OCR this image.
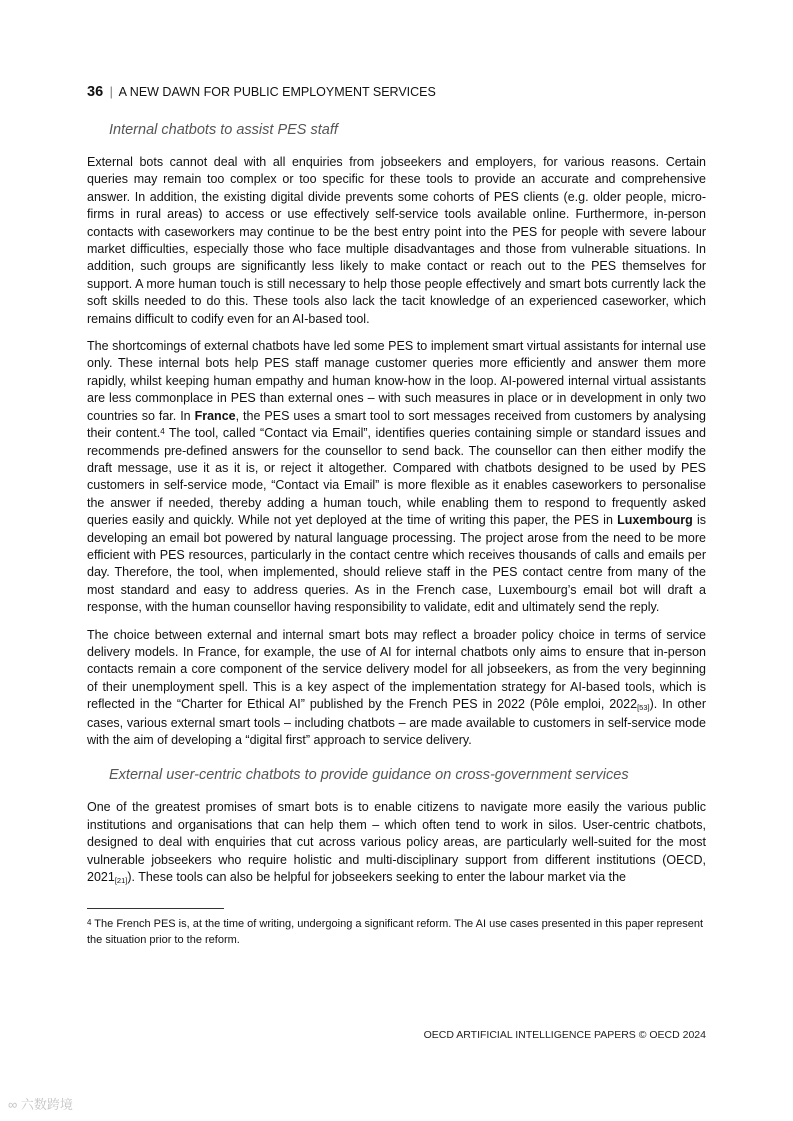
36 | A NEW DAWN FOR PUBLIC EMPLOYMENT SERVICES
Internal chatbots to assist PES staff

External bots cannot deal with all enquiries from jobseekers and employers, for various reasons. Certain queries may remain too complex or too specific for these tools to provide an accurate and comprehensive answer. In addition, the existing digital divide prevents some cohorts of PES clients (e.g. older people, micro-firms in rural areas) to access or use effectively self-service tools available online. Furthermore, in-person contacts with caseworkers may continue to be the best entry point into the PES for people with severe labour market difficulties, especially those who face multiple disadvantages and those from vulnerable situations. In addition, such groups are significantly less likely to make contact or reach out to the PES themselves for support. A more human touch is still necessary to help those people effectively and smart bots currently lack the soft skills needed to do this. These tools also lack the tacit knowledge of an experienced caseworker, which remains difficult to codify even for an AI-based tool.

The shortcomings of external chatbots have led some PES to implement smart virtual assistants for internal use only. These internal bots help PES staff manage customer queries more efficiently and answer them more rapidly, whilst keeping human empathy and human know-how in the loop. AI-powered internal virtual assistants are less commonplace in PES than external ones – with such measures in place or in development in only two countries so far. In France, the PES uses a smart tool to sort messages received from customers by analysing their content.$^4$ The tool, called “Contact via Email”, identifies queries containing simple or standard issues and recommends pre-defined answers for the counsellor to send back. The counsellor can then either modify the draft message, use it as it is, or reject it altogether. Compared with chatbots designed to be used by PES customers in self-service mode, “Contact via Email” is more flexible as it enables caseworkers to personalise the answer if needed, thereby adding a human touch, while enabling them to respond to frequently asked queries easily and quickly. While not yet deployed at the time of writing this paper, the PES in Luxembourg is developing an email bot powered by natural language processing. The project arose from the need to be more efficient with PES resources, particularly in the contact centre which receives thousands of calls and emails per day. Therefore, the tool, when implemented, should relieve staff in the PES contact centre from many of the most standard and easy to address queries. As in the French case, Luxembourg’s email bot will draft a response, with the human counsellor having responsibility to validate, edit and ultimately send the reply.

The choice between external and internal smart bots may reflect a broader policy choice in terms of service delivery models. In France, for example, the use of AI for internal chatbots only aims to ensure that in-person contacts remain a core component of the service delivery model for all jobseekers, as from the very beginning of their unemployment spell. This is a key aspect of the implementation strategy for AI-based tools, which is reflected in the “Charter for Ethical AI” published by the French PES in 2022 (Pôle emploi, $2022_{[53]}$). In other cases, various external smart tools – including chatbots – are made available to customers in self-service mode with the aim of developing a “digital first” approach to service delivery.

External user-centric chatbots to provide guidance on cross-government services

One of the greatest promises of smart bots is to enable citizens to navigate more easily the various public institutions and organisations that can help them – which often tend to work in silos. User-centric chatbots, designed to deal with enquiries that cut across various policy areas, are particularly well-suited for the most vulnerable jobseekers who require holistic and multi-disciplinary support from different institutions (OECD, $2021_{[21]}$). These tools can also be helpful for jobseekers seeking to enter the labour market via the

$^4$ The French PES is, at the time of writing, undergoing a significant reform. The AI use cases presented in this paper represent the situation prior to the reform.

OECD ARTIFICIAL INTELLIGENCE PAPERS © OECD 2024
∞ 六数跨境
